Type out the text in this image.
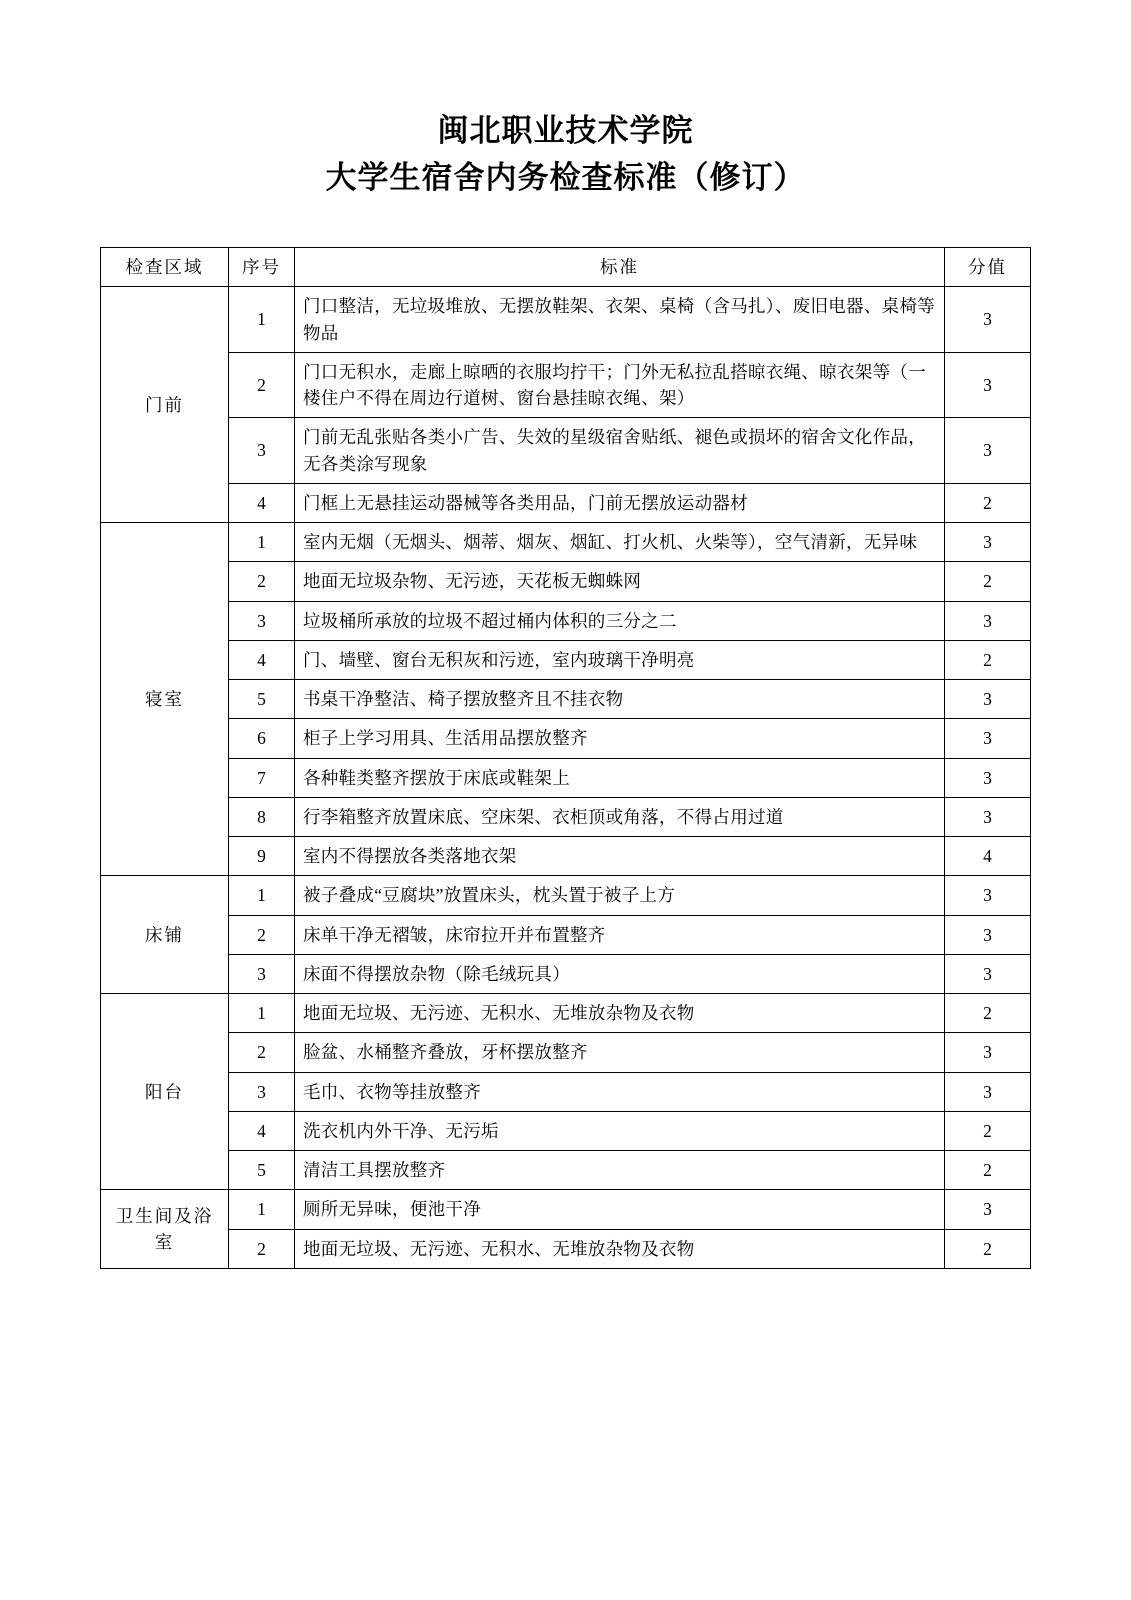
闽北职业技术学院
大学生宿舍内务检查标准（修订）
检查区域	序号	标准	分值
门前	1	门口整洁，无垃圾堆放、无摆放鞋架、衣架、桌椅（含马扎）、废旧电器、桌椅等物品	3
	2	门口无积水，走廊上晾晒的衣服均拧干；门外无私拉乱搭晾衣绳、晾衣架等（一楼住户不得在周边行道树、窗台悬挂晾衣绳、架）	3
	3	门前无乱张贴各类小广告、失效的星级宿舍贴纸、褪色或损坏的宿舍文化作品，无各类涂写现象	3
	4	门框上无悬挂运动器械等各类用品，门前无摆放运动器材	2
寝室	1	室内无烟（无烟头、烟蒂、烟灰、烟缸、打火机、火柴等），空气清新，无异味	3
	2	地面无垃圾杂物、无污迹，天花板无蜘蛛网	2
	3	垃圾桶所承放的垃圾不超过桶内体积的三分之二	3
	4	门、墙壁、窗台无积灰和污迹，室内玻璃干净明亮	2
	5	书桌干净整洁、椅子摆放整齐且不挂衣物	3
	6	柜子上学习用具、生活用品摆放整齐	3
	7	各种鞋类整齐摆放于床底或鞋架上	3
	8	行李箱整齐放置床底、空床架、衣柜顶或角落，不得占用过道	3
	9	室内不得摆放各类落地衣架	4
床铺	1	被子叠成“豆腐块”放置床头，枕头置于被子上方	3
	2	床单干净无褶皱，床帘拉开并布置整齐	3
	3	床面不得摆放杂物（除毛绒玩具）	3
阳台	1	地面无垃圾、无污迹、无积水、无堆放杂物及衣物	2
	2	脸盆、水桶整齐叠放，牙杯摆放整齐	3
	3	毛巾、衣物等挂放整齐	3
	4	洗衣机内外干净、无污垢	2
	5	清洁工具摆放整齐	2
卫生间及浴室	1	厕所无异味，便池干净	3
	2	地面无垃圾、无污迹、无积水、无堆放杂物及衣物	2
